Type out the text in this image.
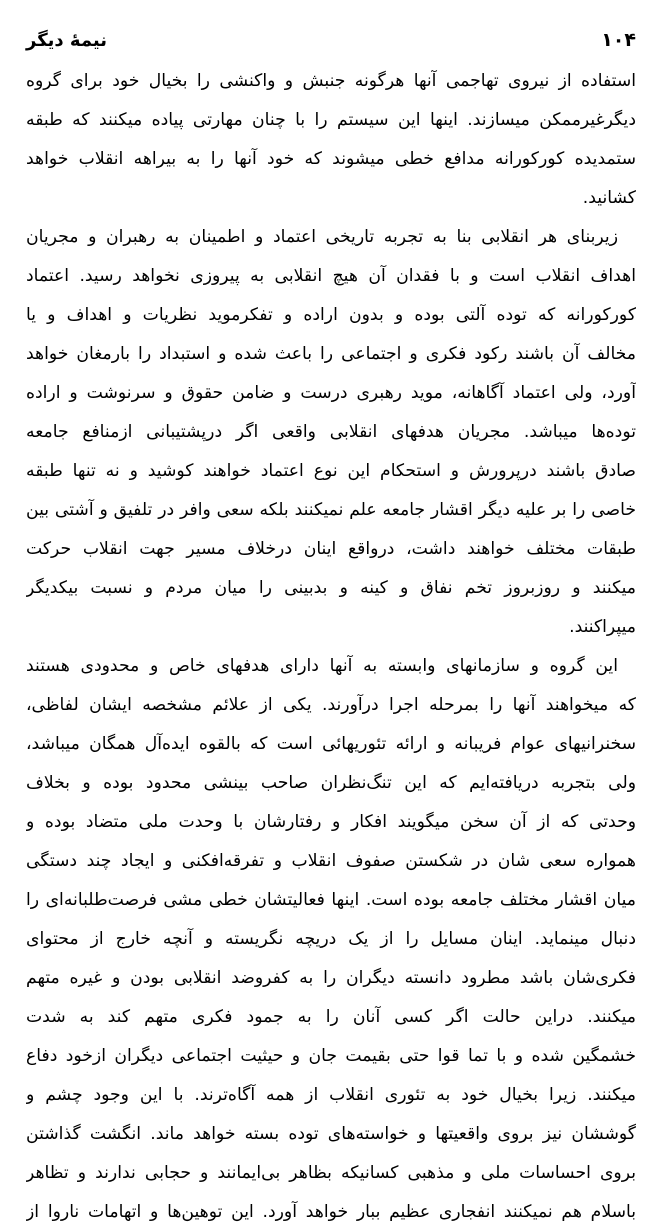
۱۰۴
نیمهٔ دیگر
استفاده از نیروی تهاجمی آنها هرگونه جنبش و واکنشی را بخیال خود برای گروه
دیگرغیرممکن میسازند. اینها این سیستم را با چنان مهارتی پیاده میکنند که طبقه
ستمدیده کورکورانه مدافع خطی میشوند که خود آنها را به بیراهه انقلاب خواهد
کشانید.
زیربنای هر انقلابی بنا به تجربه تاریخی اعتماد و اطمینان به رهبران و مجریان
اهداف انقلاب است و با فقدان آن هیچ انقلابی به پیروزی نخواهد رسید. اعتماد
کورکورانه که توده آلتی بوده و بدون اراده و تفکرموید نظریات و اهداف و یا
مخالف آن باشند رکود فکری و اجتماعی را باعث شده و استبداد را بارمغان خواهد
آورد، ولی اعتماد آگاهانه، موید رهبری درست و ضامن حقوق و سرنوشت و اراده
توده‌ها میباشد. مجریان هدفهای انقلابی واقعی اگر درپشتیبانی ازمنافع جامعه
صادق باشند درپرورش و استحکام این نوع اعتماد خواهند کوشید و نه تنها طبقه
خاصی را بر علیه دیگر اقشار جامعه علم نمیکنند بلکه سعی وافر در تلفیق و آشتی بین
طبقات مختلف خواهند داشت، درواقع اینان درخلاف مسیر جهت انقلاب حرکت
میکنند و روزبروز تخم نفاق و کینه و بدبینی را میان مردم و نسبت بیکدیگر
میپراکنند.
این گروه و سازمانهای وابسته به آنها دارای هدفهای خاص و محدودی هستند
که میخواهند آنها را بمرحله اجرا درآورند. یکی از علائم مشخصه ایشان لفاظی،
سخنرانیهای عوام فریبانه و ارائه تئوریهائی است که بالقوه ایده‌آل همگان میباشد،
ولی بتجربه دریافته‌ایم که این تنگ‌نظران صاحب بینشی محدود بوده و بخلاف
وحدتی که از آن سخن میگویند افکار و رفتارشان با وحدت ملی متضاد بوده و
همواره سعی شان در شکستن صفوف انقلاب و تفرقه‌افکنی و ایجاد چند دستگی
میان اقشار مختلف جامعه بوده است. اینها فعالیتشان خطی مشی فرصت‌طلبانه‌ای را
دنبال مینماید. اینان مسایل را از یک دریچه نگریسته و آنچه خارج از محتوای
فکری‌شان باشد مطرود دانسته دیگران را به کفروضد انقلابی بودن و غیره متهم
میکنند. دراین حالت اگر کسی آنان را به جمود فکری متهم کند به شدت
خشمگین شده و با تما قوا حتی بقیمت جان و حیثیت اجتماعی دیگران ازخود دفاع
میکنند. زیرا بخیال خود به تئوری انقلاب از همه آگاه‌ترند. با این وجود چشم و
گوششان نیز بروی واقعیتها و خواسته‌های توده بسته خواهد ماند. انگشت گذاشتن
بروی احساسات ملی و مذهبی کسانیکه بظاهر بی‌ایمانند و حجابی ندارند و تظاهر
باسلام هم نمیکنند انفجاری عظیم ببار خواهد آورد. این توهین‌ها و اتهامات ناروا از
